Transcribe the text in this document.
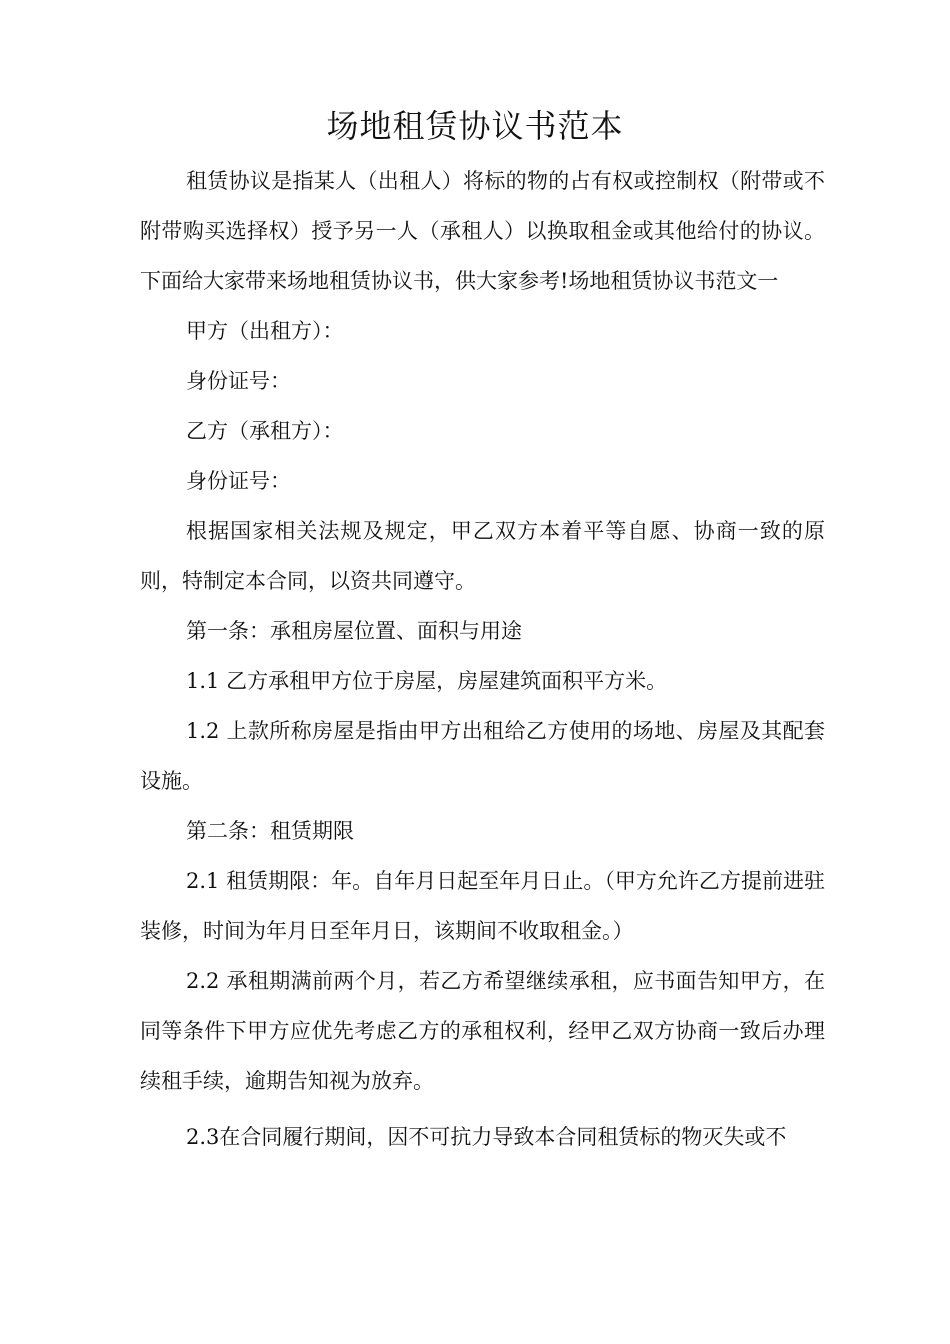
场地租赁协议书范本

租赁协议是指某人（出租人）将标的物的占有权或控制权（附带或不附带购买选择权）授予另一人（承租人）以换取租金或其他给付的协议。下面给大家带来场地租赁协议书，供大家参考!场地租赁协议书范文一

甲方（出租方）：

身份证号：

乙方（承租方）：

身份证号：

根据国家相关法规及规定，甲乙双方本着平等自愿、协商一致的原则，特制定本合同，以资共同遵守。

第一条：承租房屋位置、面积与用途

1.1 乙方承租甲方位于房屋，房屋建筑面积平方米。

1.2 上款所称房屋是指由甲方出租给乙方使用的场地、房屋及其配套设施。

第二条：租赁期限

2.1 租赁期限：年。自年月日起至年月日止。（甲方允许乙方提前进驻装修，时间为年月日至年月日，该期间不收取租金。）

2.2 承租期满前两个月，若乙方希望继续承租，应书面告知甲方，在同等条件下甲方应优先考虑乙方的承租权利，经甲乙双方协商一致后办理续租手续，逾期告知视为放弃。

2.3在合同履行期间，因不可抗力导致本合同租赁标的物灭失或不
